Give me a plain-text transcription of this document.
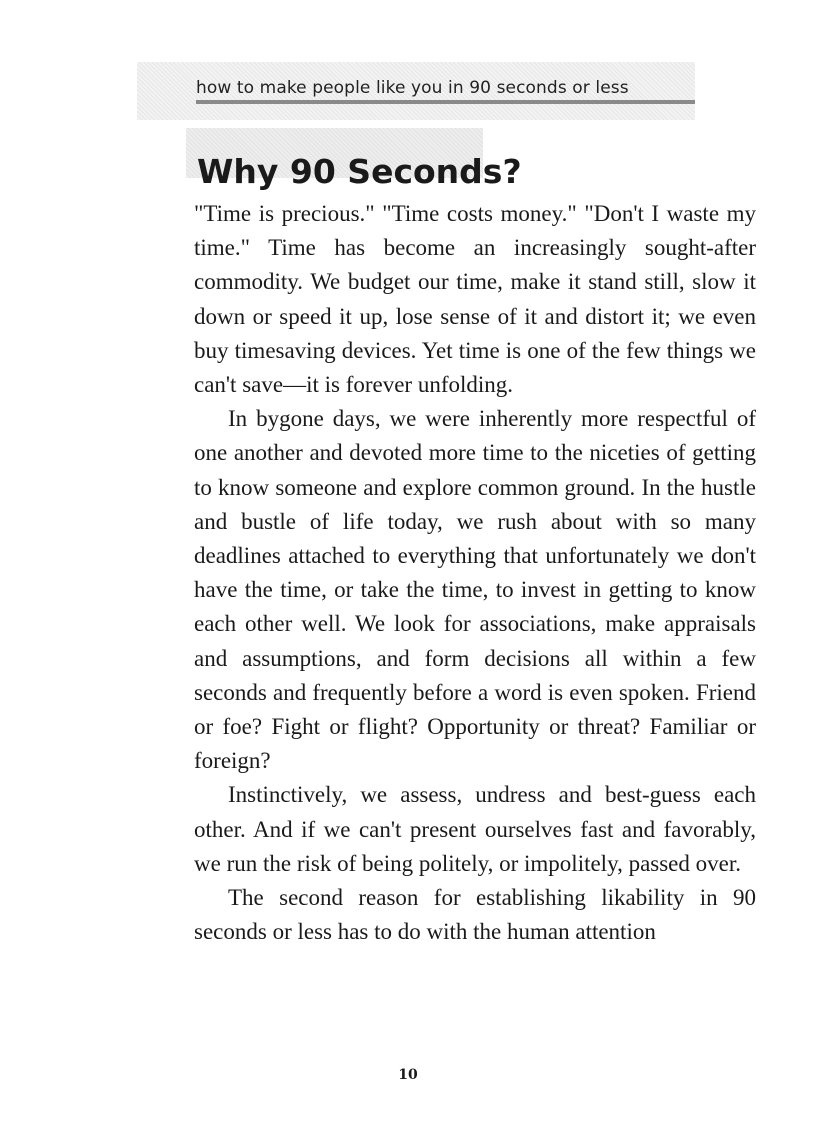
how to make people like you in 90 seconds or less
Why 90 Seconds?

"Time is precious." "Time costs money." "Don't I waste my time." Time has become an increasingly sought-after commodity. We budget our time, make it stand still, slow it down or speed it up, lose sense of it and distort it; we even buy timesaving devices. Yet time is one of the few things we can't save—it is forever unfolding.

In bygone days, we were inherently more respectful of one another and devoted more time to the niceties of getting to know someone and explore common ground. In the hustle and bustle of life today, we rush about with so many deadlines attached to everything that unfortunately we don't have the time, or take the time, to invest in getting to know each other well. We look for associations, make appraisals and assumptions, and form decisions all within a few seconds and frequently before a word is even spoken. Friend or foe? Fight or flight? Opportunity or threat? Familiar or foreign?

Instinctively, we assess, undress and best-guess each other. And if we can't present ourselves fast and favorably, we run the risk of being politely, or impolitely, passed over.

The second reason for establishing likability in 90 seconds or less has to do with the human attention

10
